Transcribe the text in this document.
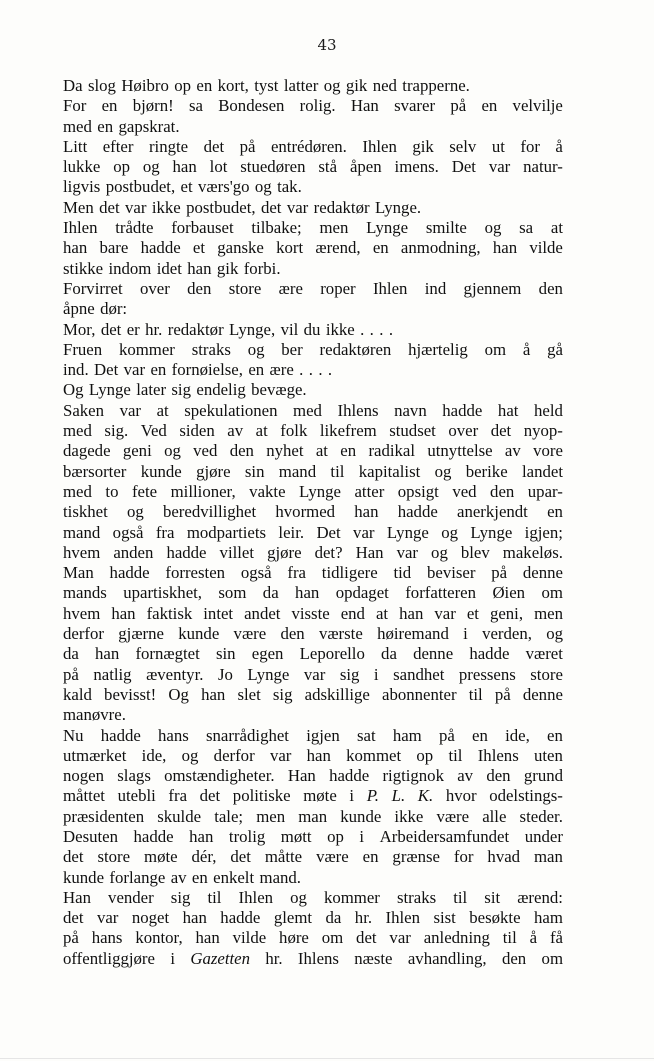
43
Da slog Høibro op en kort, tyst latter og gik ned trapperne.
For en bjørn! sa Bondesen rolig. Han svarer på en velvilje
med en gapskrat.
Litt efter ringte det på entrédøren. Ihlen gik selv ut for å
lukke op og han lot stuedøren stå åpen imens. Det var natur-
ligvis postbudet, et værs'go og tak.
Men det var ikke postbudet, det var redaktør Lynge.
Ihlen trådte forbauset tilbake; men Lynge smilte og sa at
han bare hadde et ganske kort ærend, en anmodning, han vilde
stikke indom idet han gik forbi.
Forvirret over den store ære roper Ihlen ind gjennem den
åpne dør:
Mor, det er hr. redaktør Lynge, vil du ikke . . . .
Fruen kommer straks og ber redaktøren hjærtelig om å gå
ind. Det var en fornøielse, en ære . . . .
Og Lynge later sig endelig bevæge.
Saken var at spekulationen med Ihlens navn hadde hat held
med sig. Ved siden av at folk likefrem studset over det nyop-
dagede geni og ved den nyhet at en radikal utnyttelse av vore
bærsorter kunde gjøre sin mand til kapitalist og berike landet
med to fete millioner, vakte Lynge atter opsigt ved den upar-
tiskhet og beredvillighet hvormed han hadde anerkjendt en
mand også fra modpartiets leir. Det var Lynge og Lynge igjen;
hvem anden hadde villet gjøre det? Han var og blev makeløs.
Man hadde forresten også fra tidligere tid beviser på denne
mands upartiskhet, som da han opdaget forfatteren Øien om
hvem han faktisk intet andet visste end at han var et geni, men
derfor gjærne kunde være den værste høiremand i verden, og
da han fornægtet sin egen Leporello da denne hadde været
på natlig æventyr. Jo Lynge var sig i sandhet pressens store
kald bevisst! Og han slet sig adskillige abonnenter til på denne
manøvre.
Nu hadde hans snarrådighet igjen sat ham på en ide, en
utmærket ide, og derfor var han kommet op til Ihlens uten
nogen slags omstændigheter. Han hadde rigtignok av den grund
måttet utebli fra det politiske møte i P. L. K. hvor odelstings-
præsidenten skulde tale; men man kunde ikke være alle steder.
Desuten hadde han trolig møtt op i Arbeidersamfundet under
det store møte dér, det måtte være en grænse for hvad man
kunde forlange av en enkelt mand.
Han vender sig til Ihlen og kommer straks til sit ærend:
det var noget han hadde glemt da hr. Ihlen sist besøkte ham
på hans kontor, han vilde høre om det var anledning til å få
offentliggjøre i Gazetten hr. Ihlens næste avhandling, den om
